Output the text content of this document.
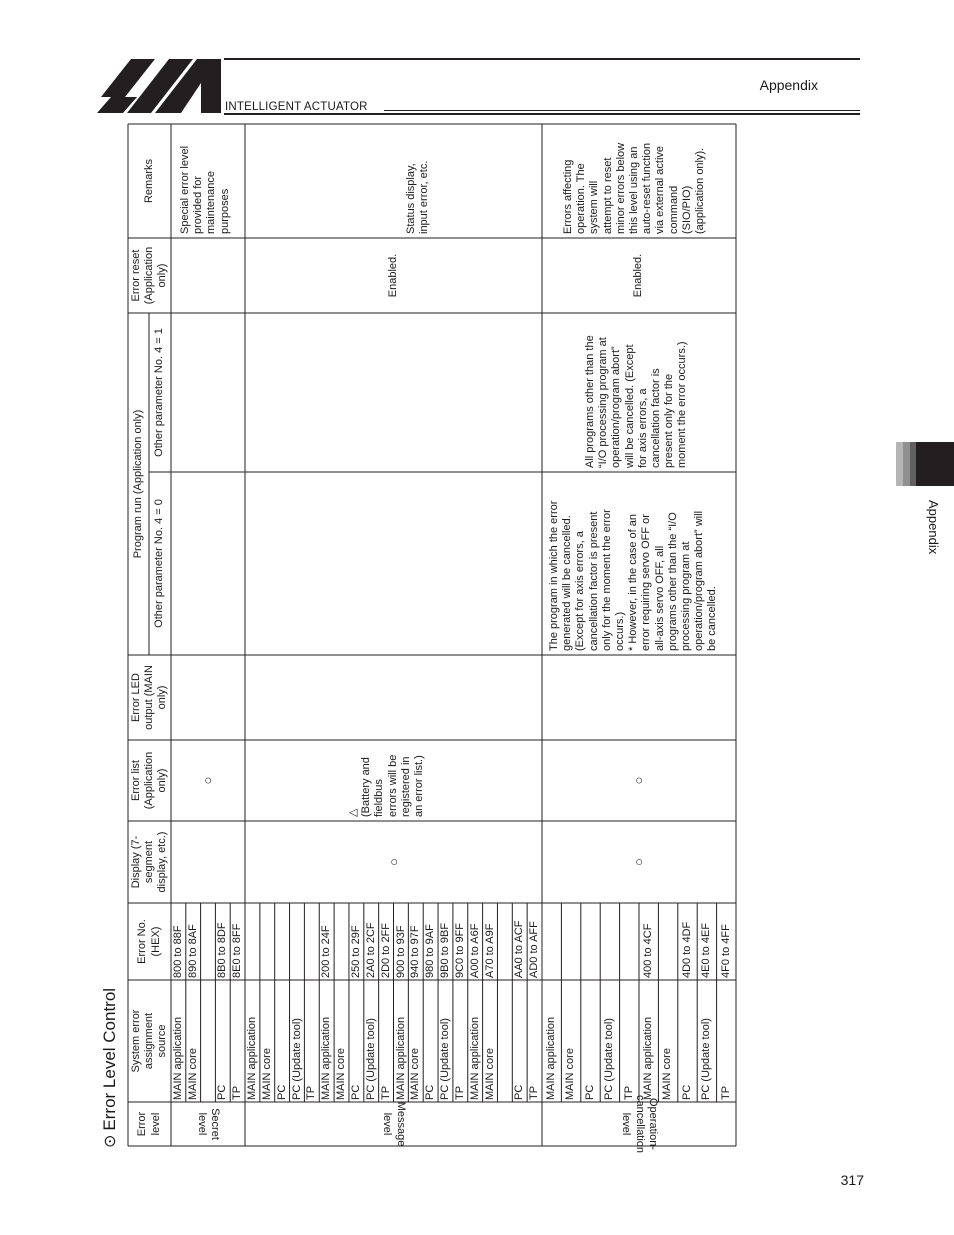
INTELLIGENT ACTUATOR
Appendix
Appendix
317
⊙Error Level Control
Remarks
Error reset
(Application
only)
Program run (Application only)
Other parameter No. 4 = 1
Other parameter No. 4 = 0
Error LED
output (MAIN
only)
Error list
(Application
only)
Display (7-
segment
display, etc.)
Error No.
(HEX)
System error
assignment
source
Error
level
MAIN application
800 to 88F
MAIN core
890 to 8AF
PC
8B0 to 8DF
TP
8E0 to 8FF
Secret
level
MAIN application MAIN core PC PC (Update tool) TP MAIN application
200 to 24F
MAIN core PC
250 to 29F
PC (Update tool)
2A0 to 2CF
TP
2D0 to 2FF
MAIN application
900 to 93F
MAIN core
940 to 97F
PC
980 to 9AF
PC (Update tool)
9B0 to 9BF
TP
9C0 to 9FF
MAIN application
A00 to A6F
MAIN core
A70 to A9F
PC
AA0 to ACF
TP
AD0 to AFF
Message level
MAIN application MAIN core PC PC (Update tool) TP MAIN application
400 to 4CF
MAIN core PC
4D0 to 4DF
PC (Update tool)
4E0 to 4EF
TP
4F0 to 4FF
Operation-cancellation level
○
Special error level
provided for
maintenance
purposes
○
△
(Battery and
fieldbus
errors will be
registered in
an error list.)
Enabled.
Status display,
input error, etc.
○
○
The program in which the error
generated will be cancelled.
(Except for axis errors, a
cancellation factor is present
only for the moment the error
occurs.)
* However, in the case of an
error requiring servo OFF or
all-axis servo OFF, all
programs other than the “I/O
processing program at
operation/program abort” will
be cancelled.
All programs other than the
“I/O processing program at
operation/program abort”
will be cancelled. (Except
for axis errors, a
cancellation factor is
present only for the
moment the error occurs.)
Enabled.
Errors affecting
operation. The
system will
attempt to reset
minor errors below
this level using an
auto-reset function
via external active
command
(SIO/PIO)
(application only).
